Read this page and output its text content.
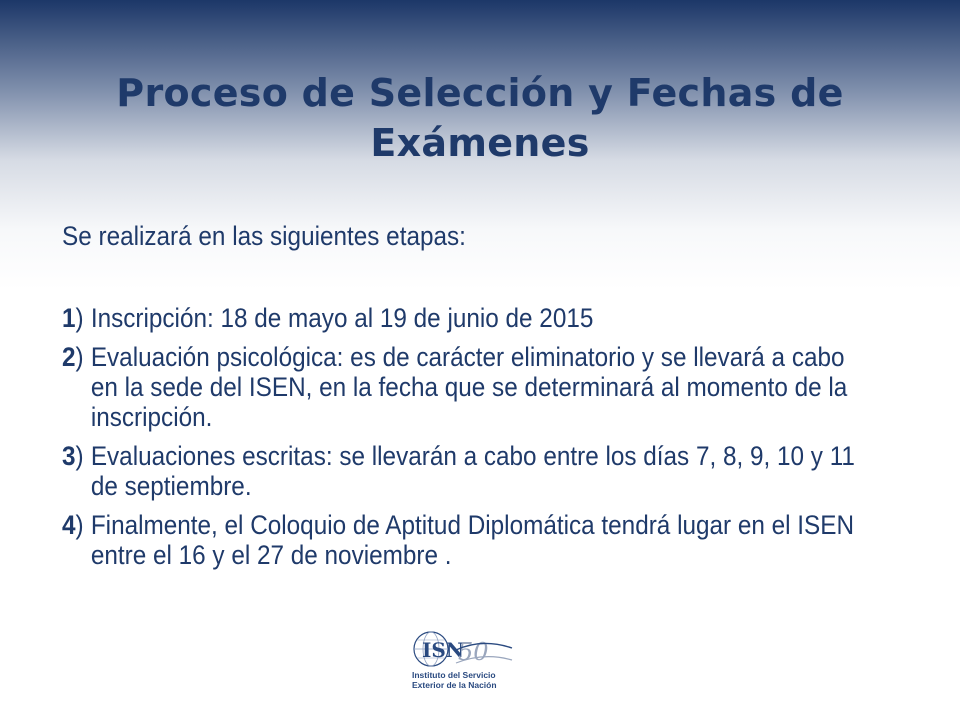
Proceso de Selección y Fechas de
Exámenes
Se realizará en las siguientes etapas:
1) Inscripción: 18 de mayo al 19 de junio de 2015
2) Evaluación psicológica: es de carácter eliminatorio y se llevará a cabo en la sede del ISEN, en la fecha que se determinará al momento de la inscripción.
3) Evaluaciones escritas: se llevarán a cabo entre los días 7, 8, 9, 10 y 11 de septiembre.
4) Finalmente, el Coloquio de Aptitud Diplomática tendrá lugar en el ISEN entre el 16 y el 27 de noviembre .
ISN
50
Instituto del Servicio
Exterior de la Nación
